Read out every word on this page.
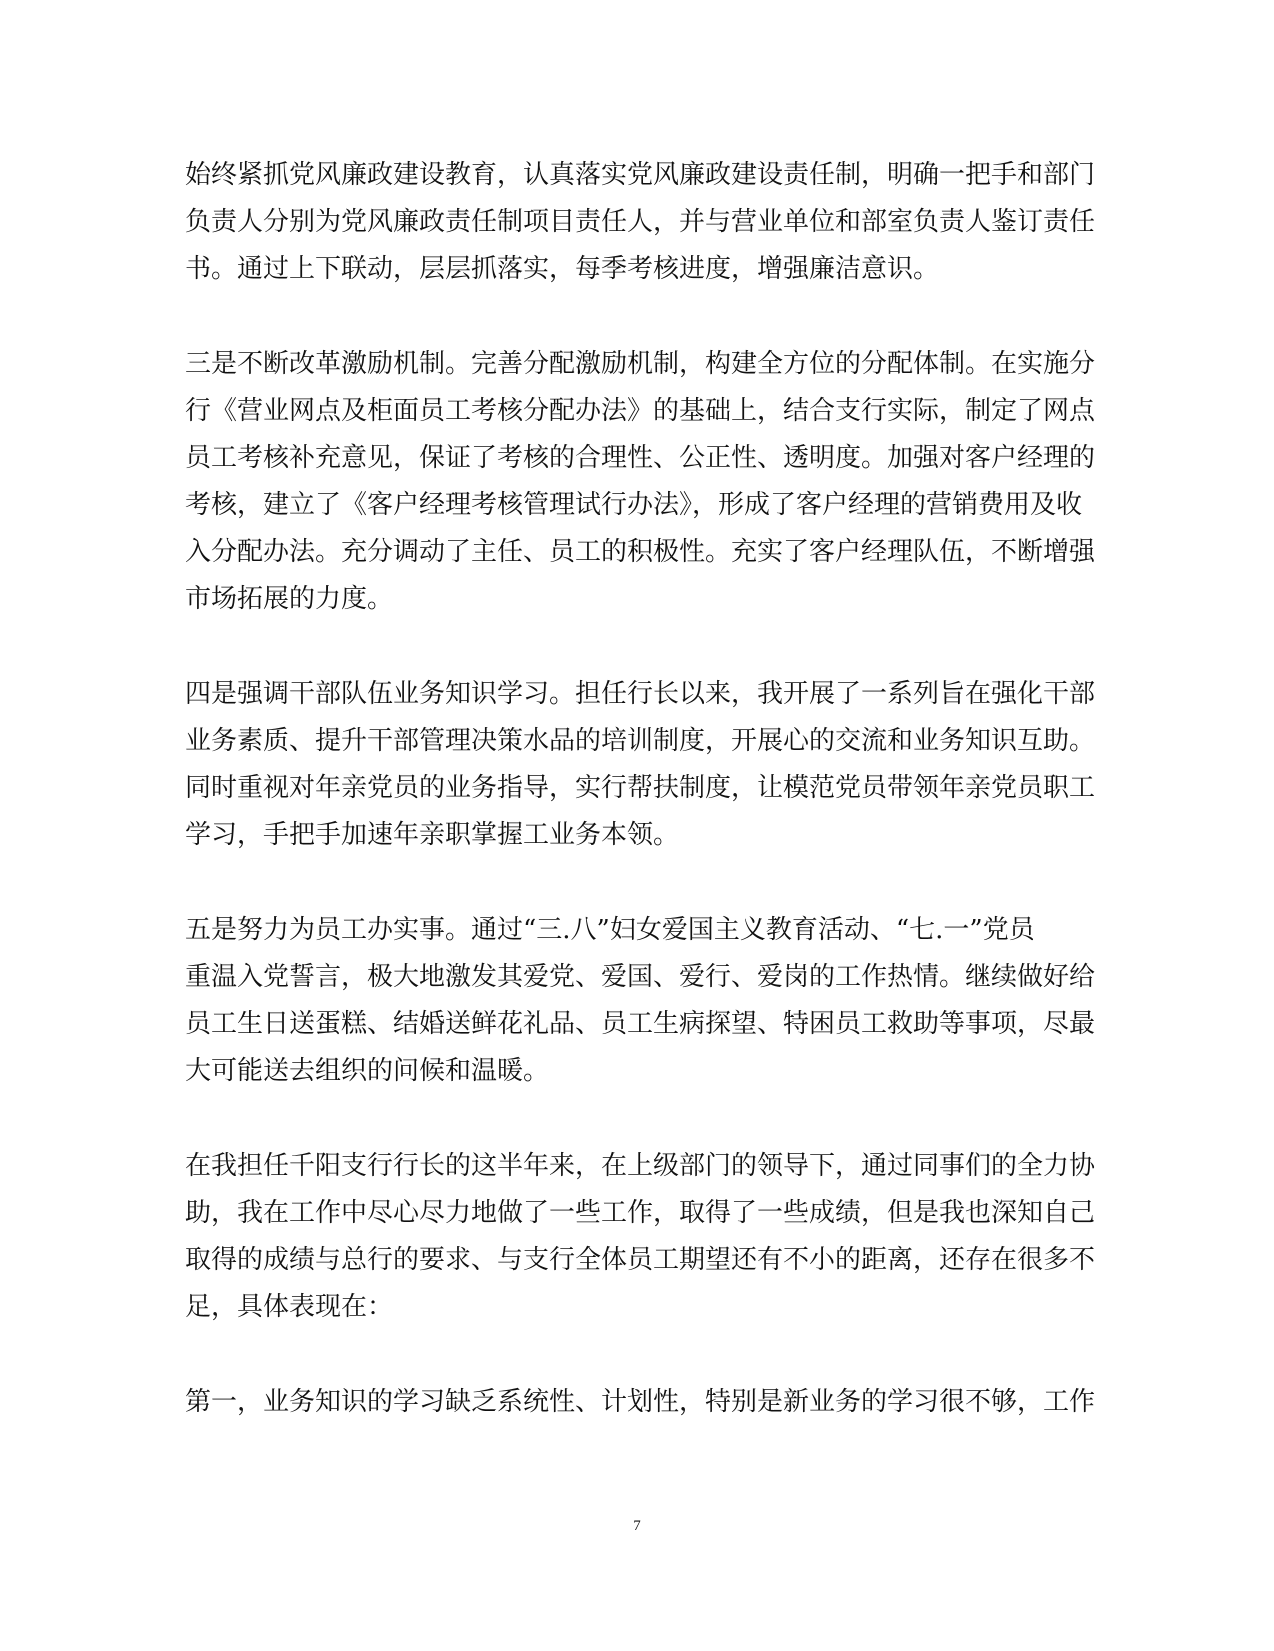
始终紧抓党风廉政建设教育，认真落实党风廉政建设责任制，明确一把手和部门
负责人分别为党风廉政责任制项目责任人，并与营业单位和部室负责人鉴订责任
书。通过上下联动，层层抓落实，每季考核进度，增强廉洁意识。

三是不断改革激励机制。完善分配激励机制，构建全方位的分配体制。在实施分
行《营业网点及柜面员工考核分配办法》的基础上，结合支行实际，制定了网点
员工考核补充意见，保证了考核的合理性、公正性、透明度。加强对客户经理的
考核，建立了《客户经理考核管理试行办法》，形成了客户经理的营销费用及收
入分配办法。充分调动了主任、员工的积极性。充实了客户经理队伍，不断增强
市场拓展的力度。

四是强调干部队伍业务知识学习。担任行长以来，我开展了一系列旨在强化干部
业务素质、提升干部管理决策水品的培训制度，开展心的交流和业务知识互助。
同时重视对年亲党员的业务指导，实行帮扶制度，让模范党员带领年亲党员职工
学习，手把手加速年亲职掌握工业务本领。

五是努力为员工办实事。通过“三.八”妇女爱国主义教育活动、“七.一”党员
重温入党誓言，极大地激发其爱党、爱国、爱行、爱岗的工作热情。继续做好给
员工生日送蛋糕、结婚送鲜花礼品、员工生病探望、特困员工救助等事项，尽最
大可能送去组织的问候和温暖。

在我担任千阳支行行长的这半年来，在上级部门的领导下，通过同事们的全力协
助，我在工作中尽心尽力地做了一些工作，取得了一些成绩，但是我也深知自己
取得的成绩与总行的要求、与支行全体员工期望还有不小的距离，还存在很多不
足，具体表现在：

第一，业务知识的学习缺乏系统性、计划性，特别是新业务的学习很不够，工作

7
